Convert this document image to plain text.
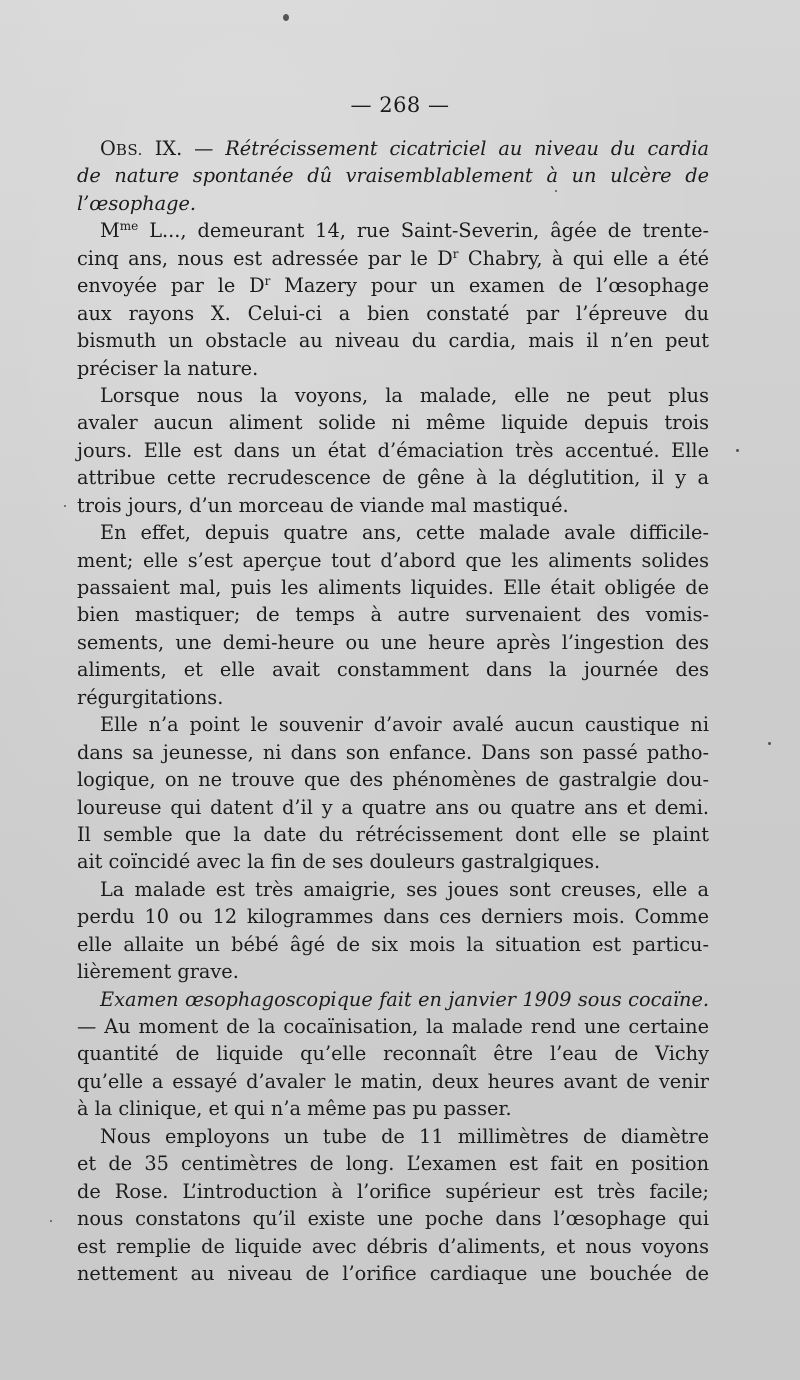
— 268 —
OBS. IX. — Rétrécissement cicatriciel au niveau du cardia
de nature spontanée dû vraisemblablement à un ulcère de
l’œsophage.
$M^{me}$ L..., demeurant 14, rue Saint-Severin, âgée de trente-
cinq ans, nous est adressée par le $D^r$ Chabry, à qui elle a été
envoyée par le $D^r$ Mazery pour un examen de l’œsophage
aux rayons X. Celui-ci a bien constaté par l’épreuve du
bismuth un obstacle au niveau du cardia, mais il n’en peut
préciser la nature.
Lorsque nous la voyons, la malade, elle ne peut plus
avaler aucun aliment solide ni même liquide depuis trois
jours. Elle est dans un état d’émaciation très accentué. Elle
attribue cette recrudescence de gêne à la déglutition, il y a
trois jours, d’un morceau de viande mal mastiqué.
En effet, depuis quatre ans, cette malade avale difficile-
ment; elle s’est aperçue tout d’abord que les aliments solides
passaient mal, puis les aliments liquides. Elle était obligée de
bien mastiquer; de temps à autre survenaient des vomis-
sements, une demi-heure ou une heure après l’ingestion des
aliments, et elle avait constamment dans la journée des
régurgitations.
Elle n’a point le souvenir d’avoir avalé aucun caustique ni
dans sa jeunesse, ni dans son enfance. Dans son passé patho-
logique, on ne trouve que des phénomènes de gastralgie dou-
loureuse qui datent d’il y a quatre ans ou quatre ans et demi.
Il semble que la date du rétrécissement dont elle se plaint
ait coïncidé avec la fin de ses douleurs gastralgiques.
La malade est très amaigrie, ses joues sont creuses, elle a
perdu 10 ou 12 kilogrammes dans ces derniers mois. Comme
elle allaite un bébé âgé de six mois la situation est particu-
lièrement grave.
Examen œsophagoscopique fait en janvier 1909 sous cocaïne.
— Au moment de la cocaïnisation, la malade rend une certaine
quantité de liquide qu’elle reconnaît être l’eau de Vichy
qu’elle a essayé d’avaler le matin, deux heures avant de venir
à la clinique, et qui n’a même pas pu passer.
Nous employons un tube de 11 millimètres de diamètre
et de 35 centimètres de long. L’examen est fait en position
de Rose. L’introduction à l’orifice supérieur est très facile;
nous constatons qu’il existe une poche dans l’œsophage qui
est remplie de liquide avec débris d’aliments, et nous voyons
nettement au niveau de l’orifice cardiaque une bouchée de
